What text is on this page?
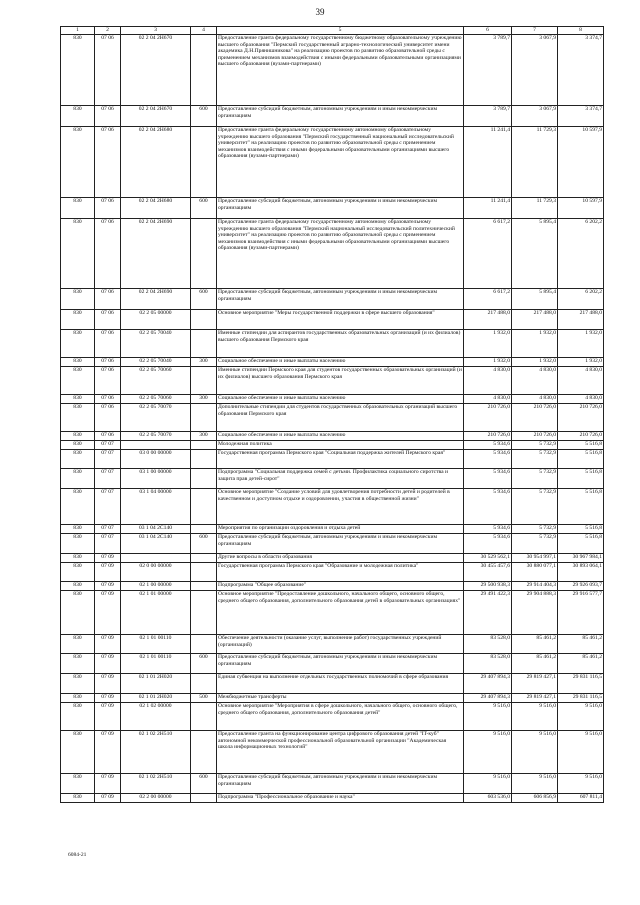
39
1	2	3	4	5	6	7	8
830	07 06	02 2 04 2Н670		Предоставление гранта федеральному государственному бюджетному образовательному учреждению высшего образования "Пермский государственный аграрно-технологический университет имени академика Д.Н.Прянишникова" на реализацию проектов по развитию образовательной среды с применением механизмов взаимодействия с иными федеральными образовательными организациями высшего образования (вузами-партнерами)	3 789,7	3 067,9	3 374,7
830	07 06	02 2 04 2Н670	600	Предоставление субсидий бюджетным, автономным учреждениям и иным некоммерческим организациям	3 789,7	3 067,9	3 374,7
830	07 06	02 2 04 2Н680		Предоставление гранта федеральному государственному автономному образовательному учреждению высшего образования "Пермский государственный национальный исследовательский университет" на реализацию проектов по развитию образовательной среды с применением механизмов взаимодействия с иными федеральными образовательными организациями высшего образования (вузами-партнерами)	11 241,4	11 729,3	10 597,9
830	07 06	02 2 04 2Н680	600	Предоставление субсидий бюджетным, автономным учреждениям и иным некоммерческим организациям	11 241,4	11 729,3	10 597,9
830	07 06	02 2 04 2Н690		Предоставление гранта федеральному государственному автономному образовательному учреждению высшего образования "Пермский национальный исследовательский политехнический университет" на реализацию проектов по развитию образовательной среды с применением механизмов взаимодействия с иными федеральными образовательными организациями высшего образования (вузами-партнерами)	6 617,2	5 895,4	6 202,2
830	07 06	02 2 04 2Н690	600	Предоставление субсидий бюджетным, автономным учреждениям и иным некоммерческим организациям	6 617,2	5 895,4	6 202,2
830	07 06	02 2 05 00000		Основное мероприятие "Меры государственной поддержки в сфере высшего образования"	217 488,0	217 488,0	217 488,0
830	07 06	02 2 05 70040		Именные стипендии для аспирантов государственных образовательных организаций (и их филиалов) высшего образования Пермского края	1 932,0	1 932,0	1 932,0
830	07 06	02 2 05 70040	300	Социальное обеспечение и иные выплаты населению	1 932,0	1 932,0	1 932,0
830	07 06	02 2 05 70060		Именные стипендии Пермского края для студентов государственных образовательных организаций (и их филиалов) высшего образования Пермского края	4 830,0	4 830,0	4 830,0
830	07 06	02 2 05 70060	300	Социальное обеспечение и иные выплаты населению	4 830,0	4 830,0	4 830,0
830	07 06	02 2 05 70070		Дополнительные стипендии для студентов государственных образовательных организаций высшего образования Пермского края	210 726,0	210 726,0	210 726,0
830	07 06	02 2 05 70070	300	Социальное обеспечение и иные выплаты населению	210 726,0	210 726,0	210 726,0
830	07 07			Молодежная политика	5 934,6	5 732,9	5 516,8
830	07 07	03 0 00 00000		Государственная программа Пермского края "Социальная поддержка жителей Пермского края"	5 934,6	5 732,9	5 516,8
830	07 07	03 1 00 00000		Подпрограмма "Социальная поддержка семей с детьми. Профилактика социального сиротства и защита прав детей-сирот"	5 934,6	5 732,9	5 516,8
830	07 07	03 1 04 00000		Основное мероприятие "Создание условий для удовлетворения потребности детей и родителей в качественном и доступном отдыхе и оздоровлении, участия в общественной жизни"	5 934,6	5 732,9	5 516,8
830	07 07	03 1 04 2С140		Мероприятия по организации оздоровления и отдыха детей	5 934,6	5 732,9	5 516,8
830	07 07	03 1 04 2С140	600	Предоставление субсидий бюджетным, автономным учреждениям и иным некоммерческим организациям	5 934,6	5 732,9	5 516,8
830	07 09			Другие вопросы в области образования	30 529 562,1	30 954 997,1	30 967 984,1
830	07 09	02 0 00 00000		Государственная программа Пермского края "Образование и молодежная политика"	30 455 457,6	30 880 077,1	30 893 064,1
830	07 09	02 1 00 00000		Подпрограмма "Общее образование"	29 500 938,3	29 914 404,3	29 926 093,7
830	07 09	02 1 01 00000		Основное мероприятие "Предоставление дошкольного, начального общего, основного общего, среднего общего образования, дополнительного образования детей в образовательных организациях"	29 491 422,3	29 904 888,3	29 916 577,7
830	07 09	02 1 01 00110		Обеспечение деятельности (оказание услуг, выполнение работ) государственных учреждений (организаций)	83 528,0	85 461,2	85 461,2
830	07 09	02 1 01 00110	600	Предоставление субсидий бюджетным, автономным учреждениям и иным некоммерческим организациям	83 528,0	85 461,2	85 461,2
830	07 09	02 1 01 2Н020		Единая субвенция на выполнение отдельных государственных полномочий в сфере образования	29 407 894,3	29 819 427,1	29 831 116,5
830	07 09	02 1 01 2Н020	500	Межбюджетные трансферты	29 407 894,3	29 819 427,1	29 831 116,5
830	07 09	02 1 02 00000		Основное мероприятие "Мероприятия в сфере дошкольного, начального общего, основного общего, среднего общего образования, дополнительного образования детей"	9 516,0	9 516,0	9 516,0
830	07 09	02 1 02 2Н510		Предоставление гранта на функционирование центра цифрового образования детей "IT-куб" автономной некоммерческой профессиональной образовательной организации "Академическая школа информационных технологий"	9 516,0	9 516,0	9 516,0
830	07 09	02 1 02 2Н510	600	Предоставление субсидий бюджетным, автономным учреждениям и иным некоммерческим организациям	9 516,0	9 516,0	9 516,0
830	07 09	02 2 00 00000		Подпрограмма "Профессиональное образование и наука"	603 536,0	606 856,9	607 811,4
6084-21
